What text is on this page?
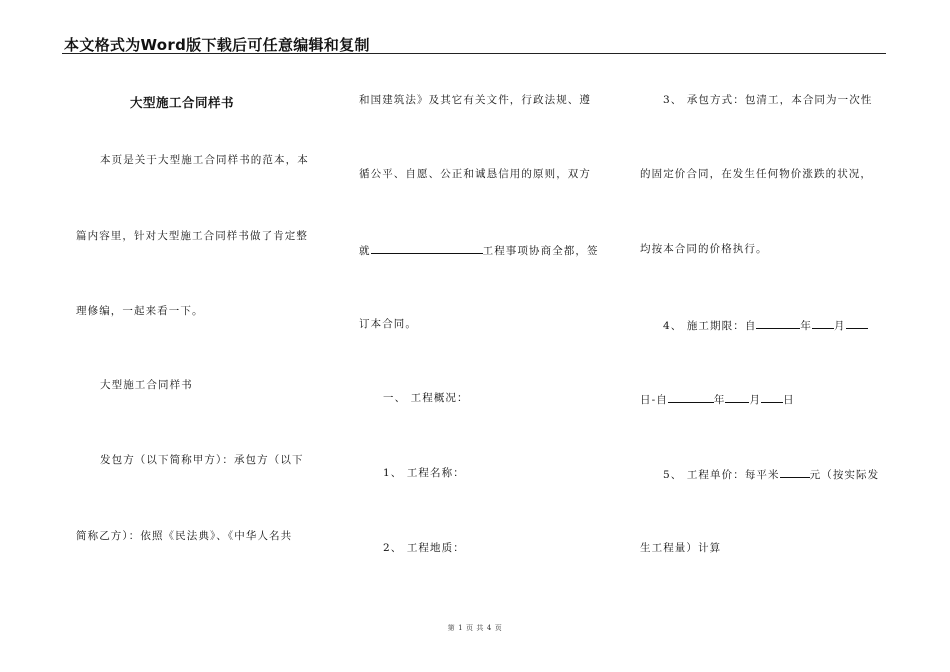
本文格式为Word版下载后可任意编辑和复制
大型施工合同样书
本页是关于大型施工合同样书的范本，本
篇内容里，针对大型施工合同样书做了肯定整
理修编，一起来看一下。
大型施工合同样书
发包方（以下简称甲方）：承包方（以下
简称乙方）：依照《民法典》、《中华人名共
和国建筑法》及其它有关文件，行政法规、遵
循公平、自愿、公正和诚恳信用的原则，双方
就	工程事项协商全都，签
订本合同。
一、 工程概况：
1、 工程名称：
2、 工程地质：
3、 承包方式：包清工，本合同为一次性
的固定价合同，在发生任何物价涨跌的状况，
均按本合同的价格执行。
4、 施工期限：自	年 月
日-自	年 月 日
5、 工程单价：每平米	元（按实际发
生工程量）计算
第 1 页 共 4 页
